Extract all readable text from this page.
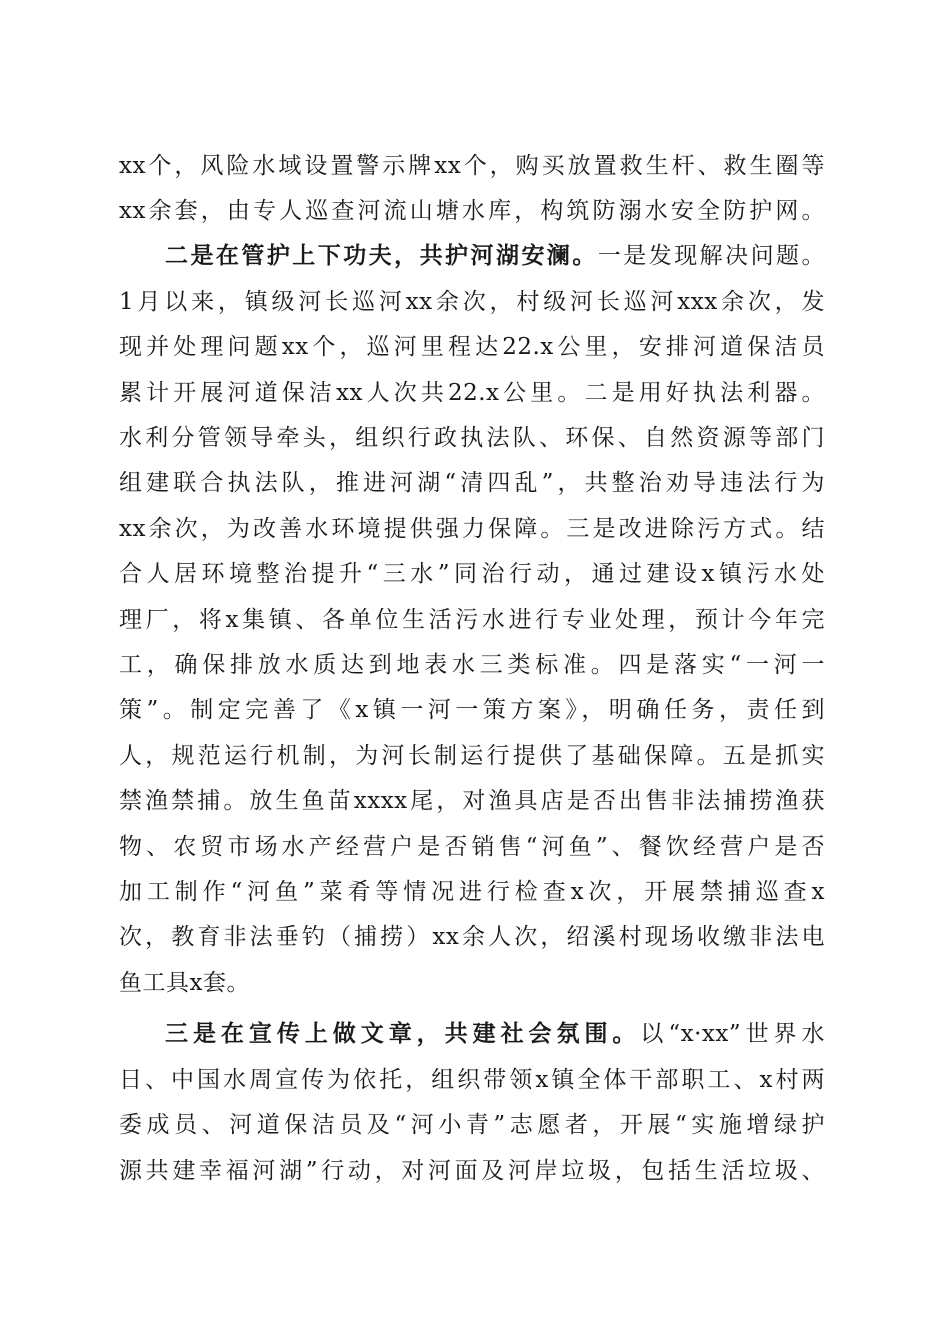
xx个，风险水域设置警示牌xx个，购买放置救生杆、救生圈等
xx余套，由专人巡查河流山塘水库，构筑防溺水安全防护网。
二是在管护上下功夫，共护河湖安澜。一是发现解决问题。
1月以来，镇级河长巡河xx余次，村级河长巡河xxx余次，发
现并处理问题xx个，巡河里程达22.x公里，安排河道保洁员
累计开展河道保洁xx人次共22.x公里。二是用好执法利器。
水利分管领导牵头，组织行政执法队、环保、自然资源等部门
组建联合执法队，推进河湖“清四乱”，共整治劝导违法行为
xx余次，为改善水环境提供强力保障。三是改进除污方式。结
合人居环境整治提升“三水”同治行动，通过建设x镇污水处
理厂，将x集镇、各单位生活污水进行专业处理，预计今年完
工，确保排放水质达到地表水三类标准。四是落实“一河一
策”。制定完善了《x镇一河一策方案》，明确任务，责任到
人，规范运行机制，为河长制运行提供了基础保障。五是抓实
禁渔禁捕。放生鱼苗xxxx尾，对渔具店是否出售非法捕捞渔获
物、农贸市场水产经营户是否销售“河鱼”、餐饮经营户是否
加工制作“河鱼”菜肴等情况进行检查x次，开展禁捕巡查x
次，教育非法垂钓（捕捞）xx余人次，绍溪村现场收缴非法电
鱼工具x套。
三是在宣传上做文章，共建社会氛围。以“x·xx”世界水
日、中国水周宣传为依托，组织带领x镇全体干部职工、x村两
委成员、河道保洁员及“河小青”志愿者，开展“实施增绿护
源共建幸福河湖”行动，对河面及河岸垃圾，包括生活垃圾、
